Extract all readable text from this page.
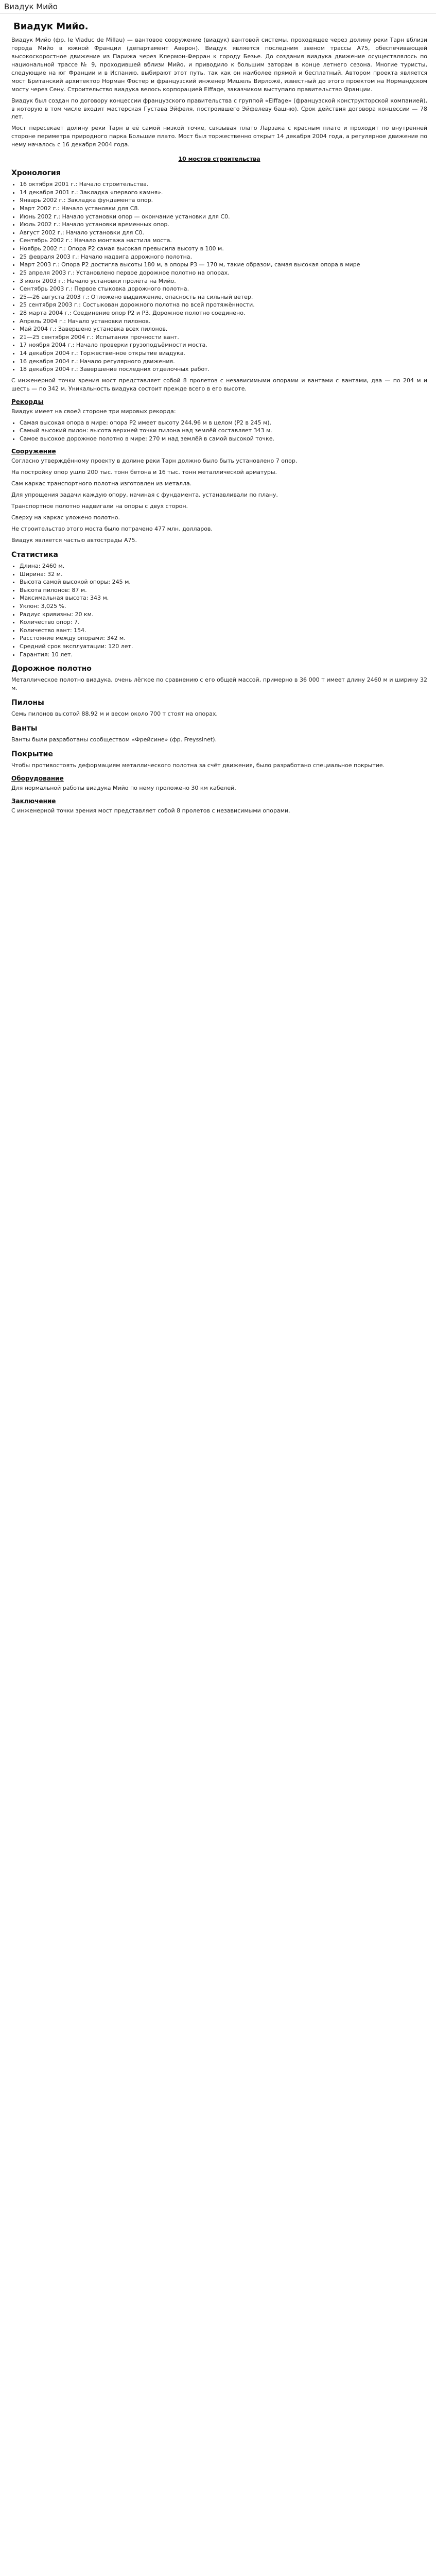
Виадук Мийо
Виадук Мийо.

Виадук Мийо (фр. le Viaduc de Millau) — вантовое сооружение (виадук) вантовой системы, проходящее через долину реки Тарн вблизи города Мийо в южной Франции (департамент Аверон). Виадук является последним звеном трассы A75, обеспечивающей высокоскоростное движение из Парижа через Клермон-Ферран к городу Безье. До создания виадука движение осуществлялось по национальной трассе № 9, проходившей вблизи Мийо, и приводило к большим заторам в конце летнего сезона. Многие туристы, следующие на юг Франции и в Испанию, выбирают этот путь, так как он наиболее прямой и бесплатный. Автором проекта является мост Британский архитектор Норман Фостер и французский инженер Мишель Вирложё, известный до этого проектом на Нормандском мосту через Сену. Строительство виадука велось корпорацией Eiffage, заказчиком выступало правительство Франции.

Виадук был создан по договору концессии французского правительства с группой «Eiffage» (французской конструкторской компанией), в которую в том числе входит мастерская Густава Эйфеля, построившего Эйфелеву башню). Срок действия договора концессии — 78 лет.

Мост пересекает долину реки Тарн в её самой низкой точке, связывая плато Ларзака с красным плато и проходит по внутренней стороне периметра природного парка Большие плато. Мост был торжественно открыт 14 декабря 2004 года, а регулярное движение по нему началось с 16 декабря 2004 года.

10 мостов строительства
Хронология
• 16 октября 2001 г.: Начало строительства.
• 14 декабря 2001 г.: Закладка «первого камня».
• Январь 2002 г.: Закладка фундамента опор.
• Март 2002 г.: Начало установки для C8.
• Июнь 2002 г.: Начало установки опор — окончание установки для C0.
• Июль 2002 г.: Начало установки временных опор.
• Август 2002 г.: Начало установки для C0.
• Сентябрь 2002 г.: Начало монтажа настила моста.
• Ноябрь 2002 г.: Опора P2 самая высокая превысила высоту в 100 м.
• 25 февраля 2003 г.: Начало надвига дорожного полотна.
• Март 2003 г.: Опора P2 достигла высоты 180 м, а опоры P3 — 170 м, такие образом, самая высокая опора в мире
• 25 апреля 2003 г.: Установлено первое дорожное полотно на опорах.
• 3 июля 2003 г.: Начало установки пролёта на Мийо.
• Сентябрь 2003 г.: Первое стыковка дорожного полотна.
• 25—26 августа 2003 г.: Отложено выдвижение, опасность на сильный ветер.
• 25 сентября 2003 г.: Состыкован дорожного полотна по всей протяжённости.
• 28 марта 2004 г.: Соединение опор P2 и P3. Дорожное полотно соединено.
• Апрель 2004 г.: Начало установки пилонов.
• Май 2004 г.: Завершено установка всех пилонов.
• 21—25 сентября 2004 г.: Испытания прочности вант.
• 17 ноября 2004 г.: Начало проверки грузоподъёмности моста.
• 14 декабря 2004 г.: Торжественное открытие виадука.
• 16 декабря 2004 г.: Начало регулярного движения.
• 18 декабря 2004 г.: Завершение последних отделочных работ.

С инженерной точки зрения мост представляет собой 8 пролетов с независимыми опорами и вантами с вантами, два — по 204 м и шесть — по 342 м. Уникальность виадука состоит прежде всего в его высоте.

Рекорды

Виадук имеет на своей стороне три мировых рекорда:

• Самая высокая опора в мире: опора P2 имеет высоту 244,96 м в целом (P2 в 245 м).
• Самый высокий пилон: высота верхней точки пилона над землёй составляет 343 м.
• Самое высокое дорожное полотно в мире: 270 м над землёй в самой высокой точке.
Сооружение

Согласно утверждённому проекту в долине реки Тарн должно было быть установлено 7 опор.

На постройку опор ушло 200 тыс. тонн бетона и 16 тыс. тонн металлической арматуры.

Сам каркас транспортного полотна изготовлен из металла.

Для упрощения задачи каждую опору, начиная с фундамента, устанавливали по плану.

Транспортное полотно надвигали на опоры с двух сторон.

Сверху на каркас уложено полотно.

Не строительство этого моста было потрачено 477 млн. долларов.

Виадук является частью автострады A75.

Статистика
• Длина: 2460 м.
• Ширина: 32 м.
• Высота самой высокой опоры: 245 м.
• Высота пилонов: 87 м.
• Максимальная высота: 343 м.
• Уклон: 3,025 %.
• Радиус кривизны: 20 км.
• Количество опор: 7.
• Количество вант: 154.
• Расстояние между опорами: 342 м.
• Средний срок эксплуатации: 120 лет.
• Гарантия: 10 лет.
Дорожное полотно

Металлическое полотно виадука, очень лёгкое по сравнению с его общей массой, примерно в 36 000 т имеет длину 2460 м и ширину 32 м.

Пилоны

Семь пилонов высотой 88,92 м и весом около 700 т стоят на опорах.

Ванты

Ванты были разработаны сообществом «Фрейсине» (фр. Freyssinet).

Покрытие

Чтобы противостоять деформациям металлического полотна за счёт движения, было разработано специальное покрытие.

Оборудование

Для нормальной работы виадука Мийо по нему проложено 30 км кабелей.

Заключение

С инженерной точки зрения мост представляет собой 8 пролетов с независимыми опорами.
